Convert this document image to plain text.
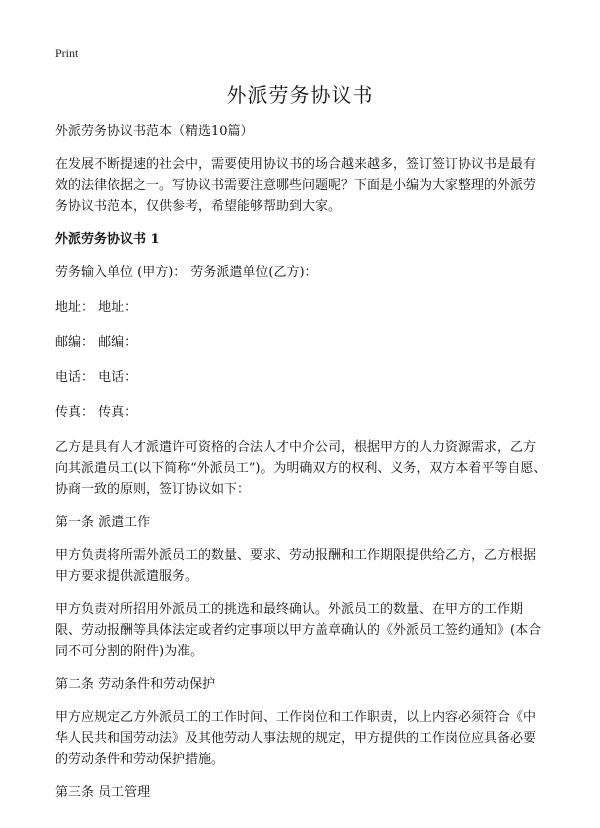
Print
外派劳务协议书

外派劳务协议书范本（精选10篇）

在发展不断提速的社会中，需要使用协议书的场合越来越多，签订签订协议书是最有效的法律依据之一。写协议书需要注意哪些问题呢？下面是小编为大家整理的外派劳务协议书范本，仅供参考，希望能够帮助到大家。

外派劳务协议书 1

劳务输入单位 (甲方)： 劳务派遣单位(乙方)：

地址： 地址：

邮编： 邮编：

电话： 电话：

传真： 传真：

乙方是具有人才派遣许可资格的合法人才中介公司，根据甲方的人力资源需求，乙方向其派遣员工(以下简称“外派员工”)。为明确双方的权利、义务，双方本着平等自愿、协商一致的原则，签订协议如下：

第一条 派遣工作

甲方负责将所需外派员工的数量、要求、劳动报酬和工作期限提供给乙方，乙方根据甲方要求提供派遣服务。

甲方负责对所招用外派员工的挑选和最终确认。外派员工的数量、在甲方的工作期限、劳动报酬等具体法定或者约定事项以甲方盖章确认的《外派员工签约通知》(本合同不可分割的附件)为准。

第二条 劳动条件和劳动保护

甲方应规定乙方外派员工的工作时间、工作岗位和工作职责，以上内容必须符合《中华人民共和国劳动法》及其他劳动人事法规的规定，甲方提供的工作岗位应具备必要的劳动条件和劳动保护措施。

第三条 员工管理
